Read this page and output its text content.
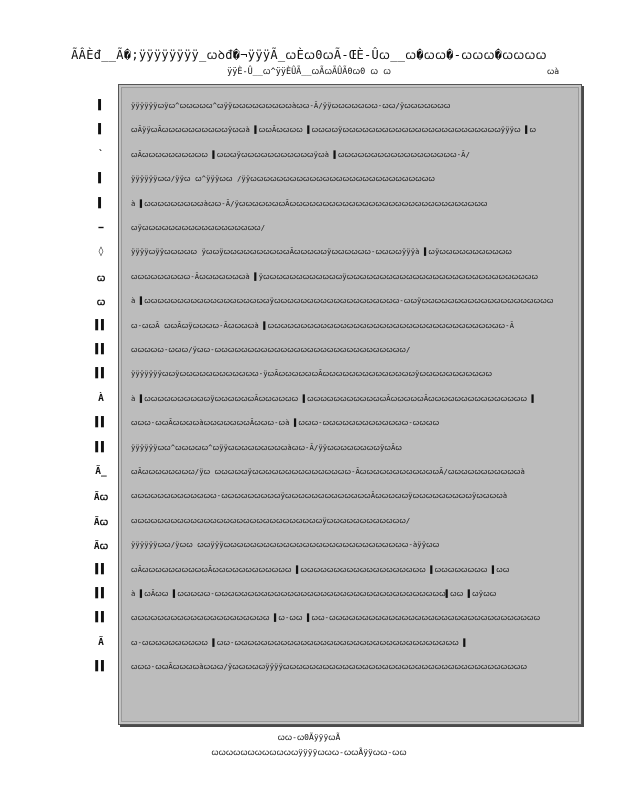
ÃÂÈđ__Ã�;ÿÿÿÿÿÿÿÿ_ꞷꝺđ�¬ÿÿÿÃ_ꞷÈꞷ0ꞷÃ-ŒÈ-Ûꞷ__ꞷ�ꞷꞷ�-ꞷꞷꞷ�ꞷꞷꞷꞷ
ÿÿÈ-Û__ꞷ^ÿÿÈÛÃ__ꞷÃꞷÃÛÃ0ꞷ0 ꞷ ꞷ	ꞷà
▌	ÿÿÿÿÿÿꞷÿꞷ^ꞷꞷꞷꞷꞷ^ꞷÿÿꞷꞷꞷꞷꞷꞷꞷꞷꞷàꞷꞷ-Ã/ÿÿꞷꞷꞷꞷꞷꞷꞷ-ꞷꞷ/ÿꞷꞷꞷꞷꞷꞷꞷ
▌	ꞷÃÿÿꞷÃꞷꞷꞷꞷꞷꞷꞷꞷꞷꞷÿꞷꞷà ▌ꞷꞷÃꞷꞷꞷꞷ ▌ꞷꞷꞷꞷÿꞷꞷꞷꞷꞷꞷꞷꞷꞷꞷꞷꞷꞷꞷꞷꞷꞷꞷꞷꞷꞷꞷꞷꞷÿÿÿꞷ ▌ꞷ
`	ꞷÃꞷꞷꞷꞷꞷꞷꞷꞷꞷꞷ ▌ꞷꞷꞷÿꞷꞷꞷꞷꞷꞷꞷꞷꞷꞷꞷÿꞷà ▌ꞷꞷꞷꞷꞷꞷꞷꞷꞷꞷꞷꞷꞷꞷꞷꞷꞷꞷ-Ã/
▌	ÿÿÿÿÿÿꞷꞷ/ÿÿꞷ ꞷ^ÿÿÿꞷꞷ /ÿÿꞷꞷꞷꞷꞷꞷꞷꞷꞷꞷꞷꞷꞷꞷꞷꞷꞷꞷꞷꞷꞷꞷꞷꞷꞷꞷꞷꞷ
▌	à ▌ꞷꞷꞷꞷꞷꞷꞷꞷꞷàꞷꞷ-Ã/ÿꞷꞷꞷꞷꞷꞷꞷÃꞷꞷꞷꞷꞷꞷꞷꞷꞷꞷꞷꞷꞷꞷꞷꞷꞷꞷꞷꞷꞷꞷꞷꞷꞷꞷꞷꞷꞷꞷ
⎯	ꞷÿꞷꞷꞷꞷꞷꞷꞷꞷꞷꞷꞷꞷꞷꞷꞷꞷꞷꞷ/
◊	ÿÿÿÿꞷÿÿꞷꞷꞷꞷꞷ ÿꞷꞷÿꞷꞷꞷꞷꞷꞷꞷꞷꞷꞷÃꞷꞷꞷꞷꞷÿꞷꞷꞷꞷꞷꞷ-ꞷꞷꞷꞷÿÿÿà ▌ꞷÿꞷꞷꞷꞷꞷꞷꞷꞷꞷꞷꞷ
ꞷ	ꞷꞷꞷꞷꞷꞷꞷꞷꞷ-Ãꞷꞷꞷꞷꞷꞷꞷà ▌ÿꞷꞷꞷꞷꞷꞷꞷꞷꞷꞷꞷꞷÿꞷꞷꞷꞷꞷꞷꞷꞷꞷꞷꞷꞷꞷꞷꞷꞷꞷꞷꞷꞷꞷꞷꞷꞷꞷꞷꞷꞷꞷ
ꞷ	à ▌ꞷꞷꞷꞷꞷꞷꞷꞷꞷꞷꞷꞷꞷꞷꞷꞷꞷꞷꞷÿꞷꞷꞷꞷꞷꞷꞷꞷꞷꞷꞷꞷꞷꞷꞷꞷꞷꞷꞷ-ꞷꞷÿꞷꞷꞷꞷꞷꞷꞷꞷꞷꞷꞷꞷꞷꞷꞷꞷꞷꞷꞷꞷ
▌▌	ꞷ-ꞷꞷÃ ꞷꞷÃꞷÿꞷꞷꞷꞷ-Ãꞷꞷꞷꞷà ▌ꞷꞷꞷꞷꞷꞷꞷꞷꞷꞷꞷꞷꞷꞷꞷꞷꞷꞷꞷꞷꞷꞷꞷꞷꞷꞷꞷꞷꞷꞷꞷꞷꞷꞷꞷꞷ-Ã
▌▌	ꞷꞷꞷꞷꞷ-ꞷꞷꞷ/ÿꞷꞷ-ꞷꞷꞷꞷꞷꞷꞷꞷꞷꞷꞷꞷꞷꞷꞷꞷꞷꞷꞷꞷꞷꞷꞷꞷꞷꞷꞷꞷꞷ/
▌▌	ÿÿÿÿÿÿÿꞷꞷÿꞷꞷꞷꞷꞷꞷꞷꞷꞷꞷꞷꞷ-ÿꞷÃꞷꞷꞷꞷꞷꞷÃꞷꞷꞷꞷꞷꞷꞷꞷꞷꞷꞷꞷꞷꞷÿꞷꞷꞷꞷꞷꞷꞷꞷꞷꞷꞷ
À	à ▌ꞷꞷꞷꞷꞷꞷꞷꞷꞷꞷÿꞷꞷꞷꞷꞷꞷÃꞷꞷꞷꞷꞷꞷ ▌ꞷꞷꞷꞷꞷꞷꞷꞷꞷꞷꞷꞷÃꞷꞷꞷꞷꞷÃꞷꞷꞷꞷꞷꞷꞷꞷꞷꞷꞷꞷꞷꞷꞷ ▌
▌▌	ꞷꞷꞷ-ꞷꞷÃꞷꞷꞷꞷàꞷꞷꞷꞷꞷꞷꞷÃꞷꞷꞷ-ꞷà ▌ꞷꞷꞷ-ꞷꞷꞷꞷꞷꞷꞷꞷꞷꞷꞷꞷꞷ-ꞷꞷꞷꞷ
▌▌	ÿÿÿÿÿÿꞷꞷ^ꞷꞷꞷꞷꞷ^ꞷÿÿꞷꞷꞷꞷꞷꞷꞷꞷꞷàꞷꞷ-Ã/ÿÿꞷꞷꞷꞷꞷꞷꞷꞷÿꞷÃꞷ
Ã_	ꞷÃꞷꞷꞷꞷꞷꞷꞷꞷ/ÿꞷ ꞷꞷꞷꞷꞷÿꞷꞷꞷꞷꞷꞷꞷꞷꞷꞷꞷꞷꞷꞷꞷ-ÃꞷꞷꞷꞷꞷꞷꞷꞷꞷꞷꞷꞷÃ/ꞷꞷꞷꞷꞷꞷꞷꞷꞷꞷꞷà
Ãꞷ	ꞷꞷꞷꞷꞷꞷꞷꞷꞷꞷꞷꞷꞷ-ꞷꞷꞷꞷꞷꞷꞷꞷꞷÿꞷꞷꞷꞷꞷꞷꞷꞷꞷꞷꞷꞷꞷÃꞷꞷꞷꞷꞷÿꞷꞷꞷꞷꞷꞷꞷꞷꞷÿꞷꞷꞷꞷà
Ãꞷ	ꞷꞷꞷꞷꞷꞷꞷꞷꞷꞷꞷꞷꞷꞷꞷꞷꞷꞷꞷꞷꞷꞷꞷꞷꞷꞷꞷꞷꞷÿꞷꞷꞷꞷꞷꞷꞷꞷꞷꞷꞷꞷ/
Ãꞷ	ÿÿÿÿÿÿꞷꞷ/ÿꞷꞷ ꞷꞷÿÿÿꞷꞷꞷꞷꞷꞷꞷꞷꞷꞷꞷꞷꞷꞷꞷꞷꞷꞷꞷꞷꞷꞷꞷꞷꞷꞷꞷꞷ-àÿÿꞷꞷ
▌▌	ꞷÃꞷꞷꞷꞷꞷꞷꞷꞷꞷꞷÃꞷꞷꞷꞷꞷꞷꞷꞷꞷꞷꞷꞷ ▌ꞷꞷꞷꞷꞷꞷꞷꞷꞷꞷꞷꞷꞷꞷꞷꞷꞷꞷꞷ ▌ꞷꞷꞷꞷꞷꞷꞷꞷ ▌ꞷꞷ
▌▌	à ▌ꞷÃꞷꞷ ▌ꞷꞷꞷꞷꞷ-ꞷꞷꞷꞷꞷꞷꞷꞷꞷꞷꞷꞷꞷꞷꞷꞷꞷꞷꞷꞷꞷꞷꞷꞷꞷꞷꞷꞷꞷꞷꞷꞷꞷꞷꞷ▌ꞷꞷ ▌ꞷÿꞷꞷ
▌▌	ꞷꞷꞷꞷꞷꞷꞷꞷꞷꞷꞷꞷꞷꞷꞷꞷꞷꞷꞷꞷꞷ ▌ꞷ-ꞷꞷ ▌ꞷꞷ-ꞷꞷꞷꞷꞷꞷꞷꞷꞷꞷꞷꞷꞷꞷꞷꞷꞷꞷꞷꞷꞷꞷꞷꞷꞷꞷꞷꞷꞷꞷꞷꞷ
Ã	ꞷ-ꞷꞷꞷꞷꞷꞷꞷꞷꞷꞷ ▌ꞷꞷ-ꞷꞷꞷꞷꞷꞷꞷꞷꞷꞷꞷꞷꞷꞷꞷꞷꞷꞷꞷꞷꞷꞷꞷꞷꞷꞷꞷꞷꞷꞷꞷꞷꞷꞷ ▌
▌▌	ꞷꞷꞷ-ꞷꞷÃꞷꞷꞷꞷàꞷꞷꞷ/ÿꞷꞷꞷꞷꞷÿÿÿÿꞷꞷꞷꞷꞷꞷꞷꞷꞷꞷꞷꞷꞷꞷꞷꞷꞷꞷꞷꞷꞷꞷꞷꞷꞷꞷꞷꞷꞷꞷꞷꞷꞷꞷꞷꞷꞷ
ꞷꞷ-ꞷ0ÃÿÿÿꞷÃ
ꞷꞷꞷꞷꞷꞷꞷꞷꞷꞷꞷꞷÿÿÿÿꞷꞷꞷ-ꞷꞷÃÿÿꞷꞷ-ꞷꞷ
